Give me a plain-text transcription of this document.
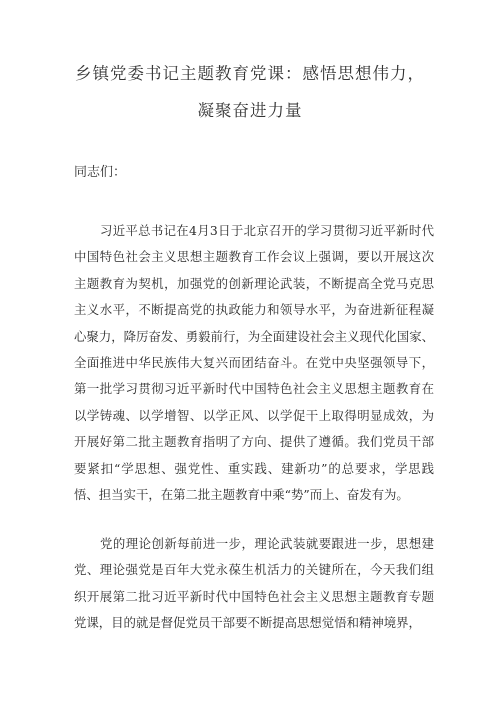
乡镇党委书记主题教育党课：感悟思想伟力，
凝聚奋进力量
同志们：
习近平总书记在4月3日于北京召开的学习贯彻习近平新时代
中国特色社会主义思想主题教育工作会议上强调，要以开展这次
主题教育为契机，加强党的创新理论武装，不断提高全党马克思
主义水平，不断提高党的执政能力和领导水平，为奋进新征程凝
心聚力，降厉奋发、勇毅前行，为全面建设社会主义现代化国家、
全面推进中华民族伟大复兴而团结奋斗。在党中央坚强领导下，
第一批学习贯彻习近平新时代中国特色社会主义思想主题教育在
以学铸魂、以学增智、以学正风、以学促干上取得明显成效，为
开展好第二批主题教育指明了方向、提供了遵循。我们党员干部
要紧扣“学思想、强党性、重实践、建新功”的总要求，学思践
悟、担当实干，在第二批主题教育中乘“势”而上、奋发有为。
党的理论创新每前进一步，理论武装就要跟进一步，思想建
党、理论强党是百年大党永葆生机活力的关键所在，今天我们组
织开展第二批习近平新时代中国特色社会主义思想主题教育专题
党课，目的就是督促党员干部要不断提高思想觉悟和精神境界，
